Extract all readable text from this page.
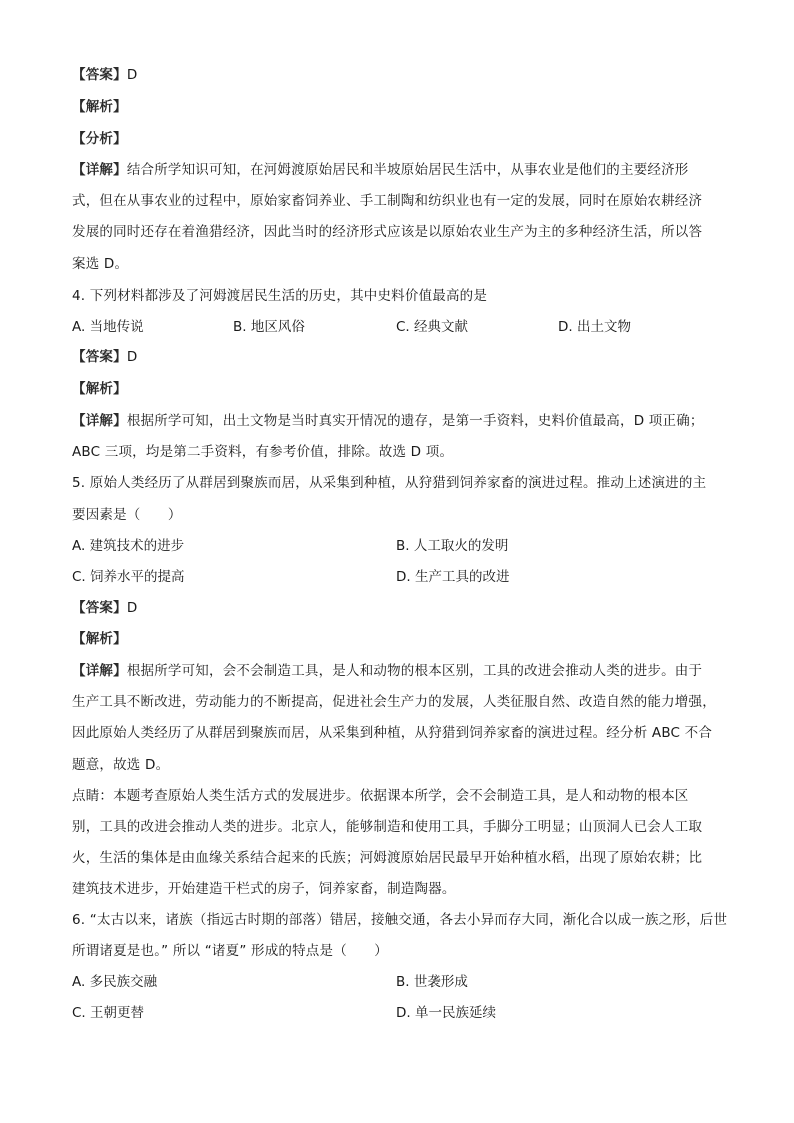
【答案】D
【解析】
【分析】
【详解】结合所学知识可知，在河姆渡原始居民和半坡原始居民生活中，从事农业是他们的主要经济形
式，但在从事农业的过程中，原始家畜饲养业、手工制陶和纺织业也有一定的发展，同时在原始农耕经济
发展的同时还存在着渔猎经济，因此当时的经济形式应该是以原始农业生产为主的多种经济生活，所以答
案选 D。
4. 下列材料都涉及了河姆渡居民生活的历史，其中史料价值最高的是
A. 当地传说	B. 地区风俗	C. 经典文献	D. 出土文物
【答案】D
【解析】
【详解】根据所学可知，出土文物是当时真实开情况的遗存，是第一手资料，史料价值最高，D 项正确；
ABC 三项，均是第二手资料，有参考价值，排除。故选 D 项。
5. 原始人类经历了从群居到聚族而居，从采集到种植，从狩猎到饲养家畜的演进过程。推动上述演进的主
要因素是（　　）
A. 建筑技术的进步	B. 人工取火的发明
C. 饲养水平的提高	D. 生产工具的改进
【答案】D
【解析】
【详解】根据所学可知，会不会制造工具，是人和动物的根本区别，工具的改进会推动人类的进步。由于
生产工具不断改进，劳动能力的不断提高，促进社会生产力的发展，人类征服自然、改造自然的能力增强，
因此原始人类经历了从群居到聚族而居，从采集到种植，从狩猎到饲养家畜的演进过程。经分析 ABC 不合
题意，故选 D。
点睛：本题考查原始人类生活方式的发展进步。依据课本所学，会不会制造工具，是人和动物的根本区
别，工具的改进会推动人类的进步。北京人，能够制造和使用工具，手脚分工明显；山顶洞人已会人工取
火，生活的集体是由血缘关系结合起来的氏族；河姆渡原始居民最早开始种植水稻，出现了原始农耕；比
建筑技术进步，开始建造干栏式的房子，饲养家畜，制造陶器。
6. “太古以来，诸族（指远古时期的部落）错居，接触交通，各去小异而存大同，渐化合以成一族之形，后世
所谓诸夏是也。” 所以 “诸夏” 形成的特点是（　　）
A. 多民族交融	B. 世袭形成
C. 王朝更替	D. 单一民族延续
